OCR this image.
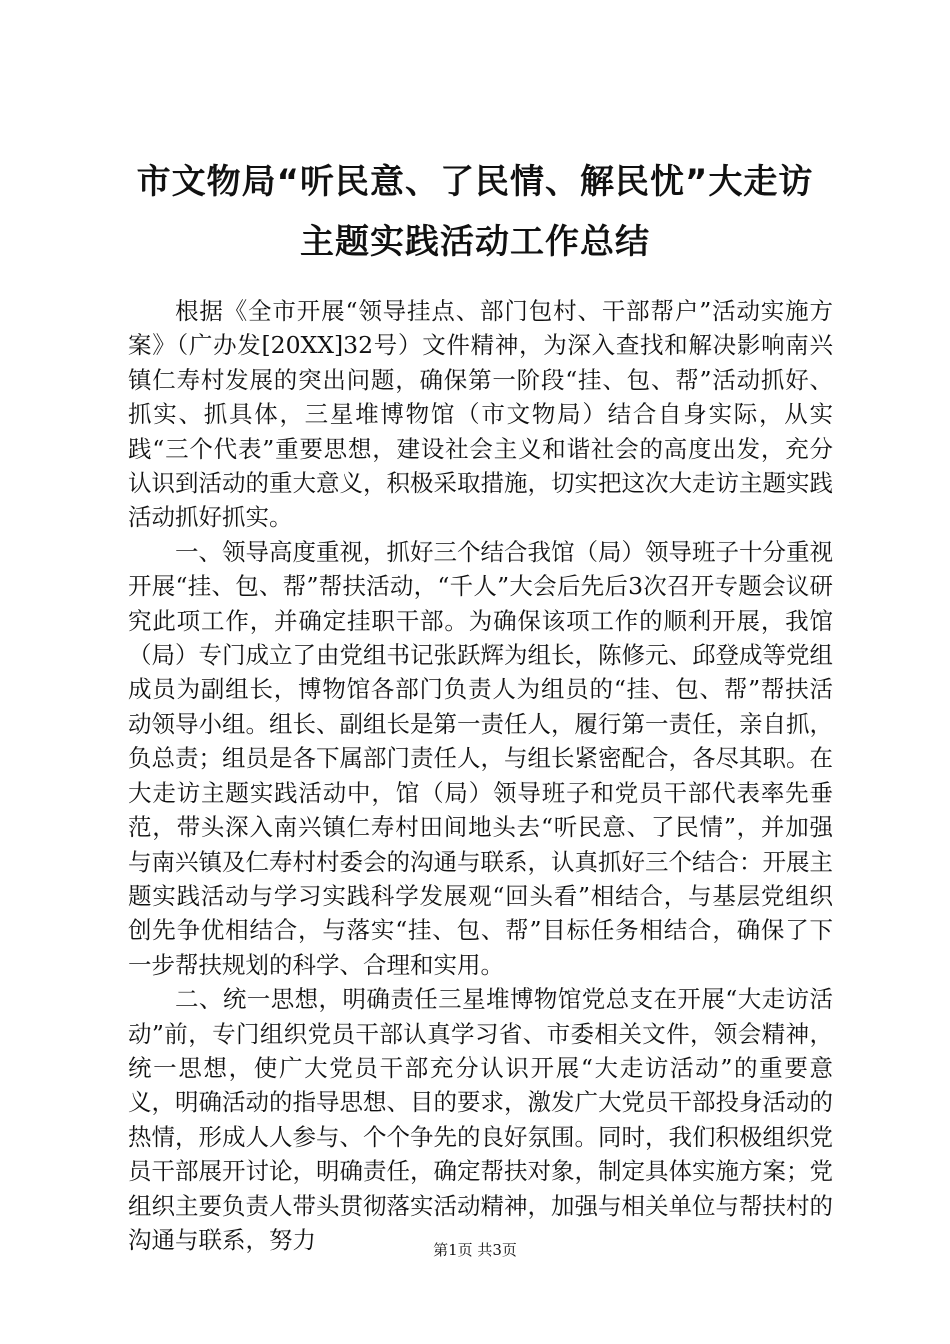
市文物局“听民意、了民情、解民忧”大走访
主题实践活动工作总结

根据《全市开展“领导挂点、部门包村、干部帮户”活动实施方案》（广办发[20XX]32号）文件精神，为深入查找和解决影响南兴镇仁寿村发展的突出问题，确保第一阶段“挂、包、帮”活动抓好、抓实、抓具体，三星堆博物馆（市文物局）结合自身实际，从实践“三个代表”重要思想，建设社会主义和谐社会的高度出发，充分认识到活动的重大意义，积极采取措施，切实把这次大走访主题实践活动抓好抓实。

一、领导高度重视，抓好三个结合我馆（局）领导班子十分重视开展“挂、包、帮”帮扶活动，“千人”大会后先后3次召开专题会议研究此项工作，并确定挂职干部。为确保该项工作的顺利开展，我馆（局）专门成立了由党组书记张跃辉为组长，陈修元、邱登成等党组成员为副组长，博物馆各部门负责人为组员的“挂、包、帮”帮扶活动领导小组。组长、副组长是第一责任人，履行第一责任，亲自抓，负总责；组员是各下属部门责任人，与组长紧密配合，各尽其职。在大走访主题实践活动中，馆（局）领导班子和党员干部代表率先垂范，带头深入南兴镇仁寿村田间地头去“听民意、了民情”，并加强与南兴镇及仁寿村村委会的沟通与联系，认真抓好三个结合：开展主题实践活动与学习实践科学发展观“回头看”相结合，与基层党组织创先争优相结合，与落实“挂、包、帮”目标任务相结合，确保了下一步帮扶规划的科学、合理和实用。

二、统一思想，明确责任三星堆博物馆党总支在开展“大走访活动”前，专门组织党员干部认真学习省、市委相关文件，领会精神，统一思想，使广大党员干部充分认识开展“大走访活动”的重要意义，明确活动的指导思想、目的要求，激发广大党员干部投身活动的热情，形成人人参与、个个争先的良好氛围。同时，我们积极组织党员干部展开讨论，明确责任，确定帮扶对象，制定具体实施方案；党组织主要负责人带头贯彻落实活动精神，加强与相关单位与帮扶村的沟通与联系，努力	第1页 共3页
